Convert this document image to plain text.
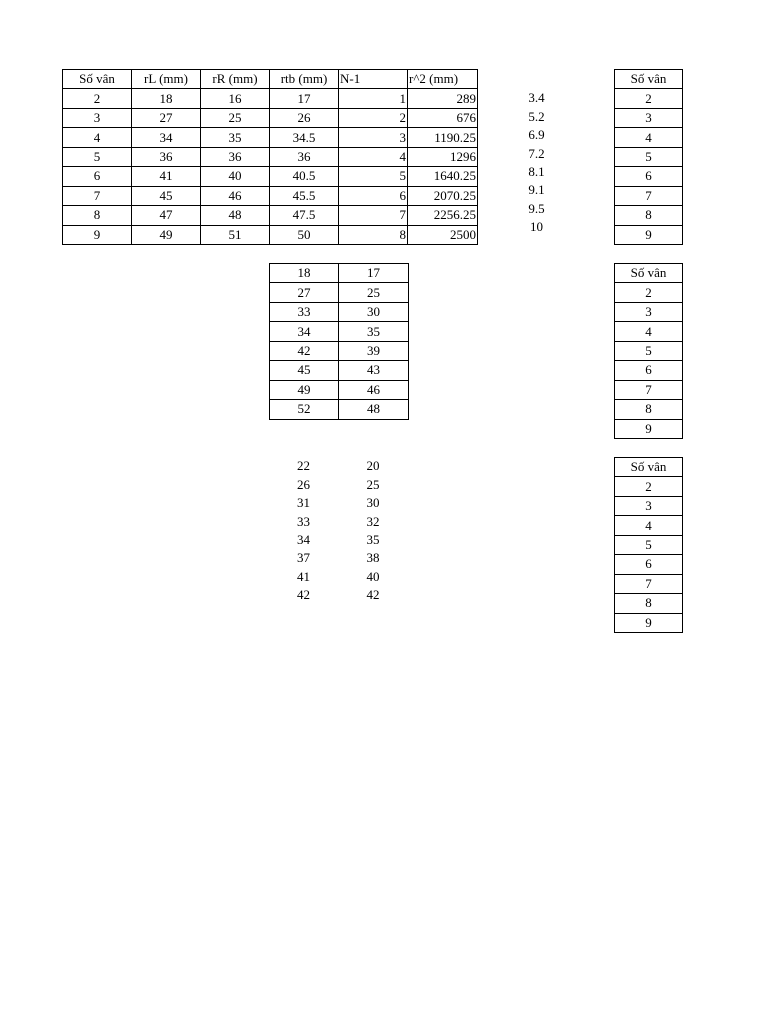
Số vân	rL (mm)	rR (mm)	rtb (mm)	N-1	r^2 (mm)
2	18	16	17	1	289
3	27	25	26	2	676
4	34	35	34.5	3	1190.25
5	36	36	36	4	1296
6	41	40	40.5	5	1640.25
7	45	46	45.5	6	2070.25
8	47	48	47.5	7	2256.25
9	49	51	50	8	2500
3.4
5.2
6.9
7.2
8.1
9.1
9.5
10
18	17
27	25
33	30
34	35
42	39
45	43
49	46
52	48
22	20
26	25
31	30
33	32
34	35
37	38
41	40
42	42
Số vân
2
3
4
5
6
7
8
9
Số vân
2
3
4
5
6
7
8
9
Số vân
2
3
4
5
6
7
8
9
